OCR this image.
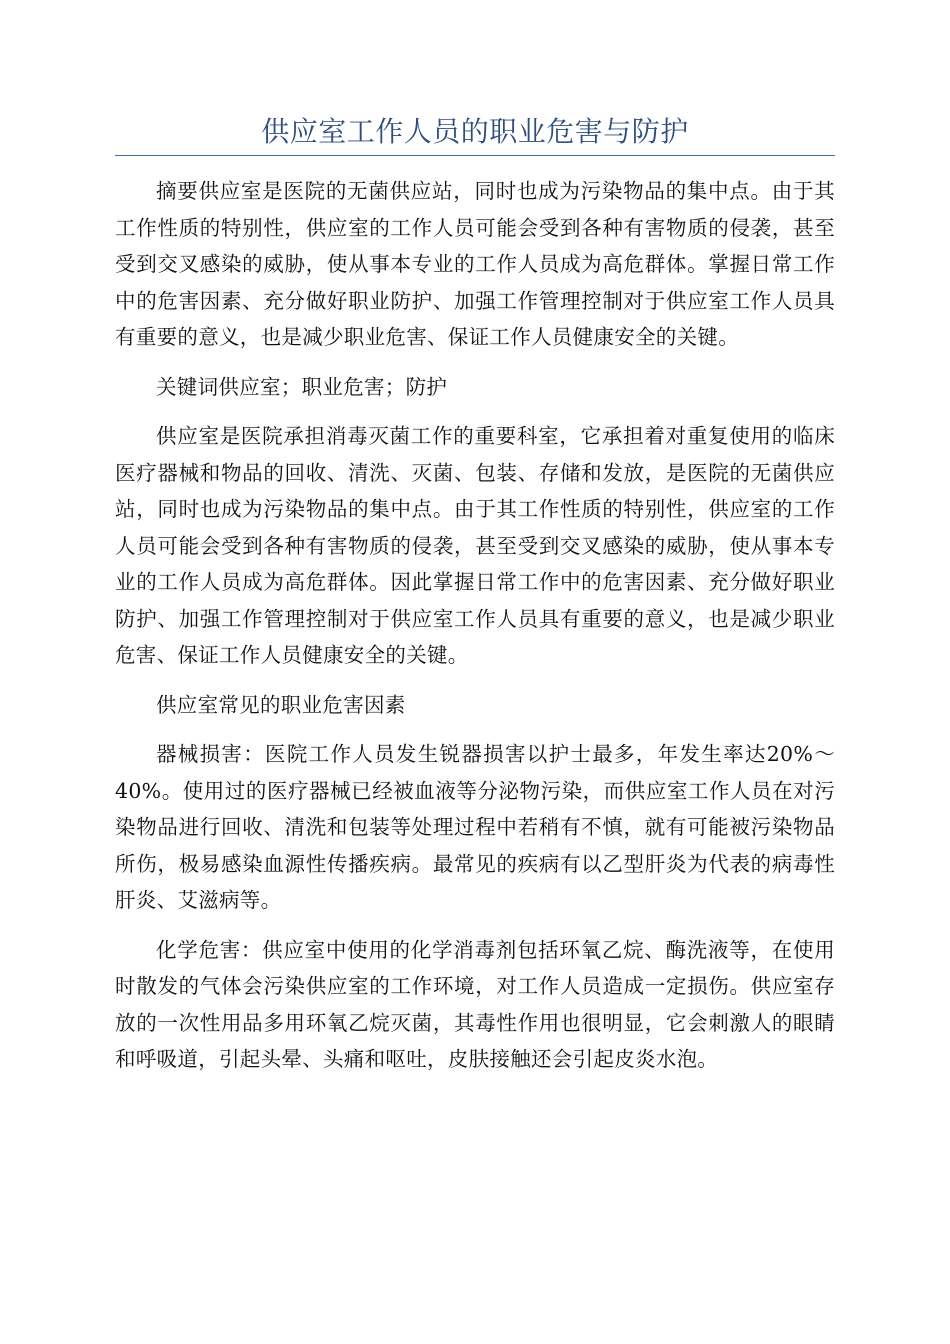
供应室工作人员的职业危害与防护

摘要供应室是医院的无菌供应站，同时也成为污染物品的集中点。由于其工作性质的特别性，供应室的工作人员可能会受到各种有害物质的侵袭，甚至受到交叉感染的威胁，使从事本专业的工作人员成为高危群体。掌握日常工作中的危害因素、充分做好职业防护、加强工作管理控制对于供应室工作人员具有重要的意义，也是减少职业危害、保证工作人员健康安全的关键。

关键词供应室；职业危害；防护

供应室是医院承担消毒灭菌工作的重要科室，它承担着对重复使用的临床医疗器械和物品的回收、清洗、灭菌、包装、存储和发放，是医院的无菌供应站，同时也成为污染物品的集中点。由于其工作性质的特别性，供应室的工作人员可能会受到各种有害物质的侵袭，甚至受到交叉感染的威胁，使从事本专业的工作人员成为高危群体。因此掌握日常工作中的危害因素、充分做好职业防护、加强工作管理控制对于供应室工作人员具有重要的意义，也是减少职业危害、保证工作人员健康安全的关键。

供应室常见的职业危害因素

器械损害：医院工作人员发生锐器损害以护士最多，年发生率达20%～40%。使用过的医疗器械已经被血液等分泌物污染，而供应室工作人员在对污染物品进行回收、清洗和包装等处理过程中若稍有不慎，就有可能被污染物品所伤，极易感染血源性传播疾病。最常见的疾病有以乙型肝炎为代表的病毒性肝炎、艾滋病等。

化学危害：供应室中使用的化学消毒剂包括环氧乙烷、酶洗液等，在使用时散发的气体会污染供应室的工作环境，对工作人员造成一定损伤。供应室存放的一次性用品多用环氧乙烷灭菌，其毒性作用也很明显，它会刺激人的眼睛和呼吸道，引起头晕、头痛和呕吐，皮肤接触还会引起皮炎水泡。
